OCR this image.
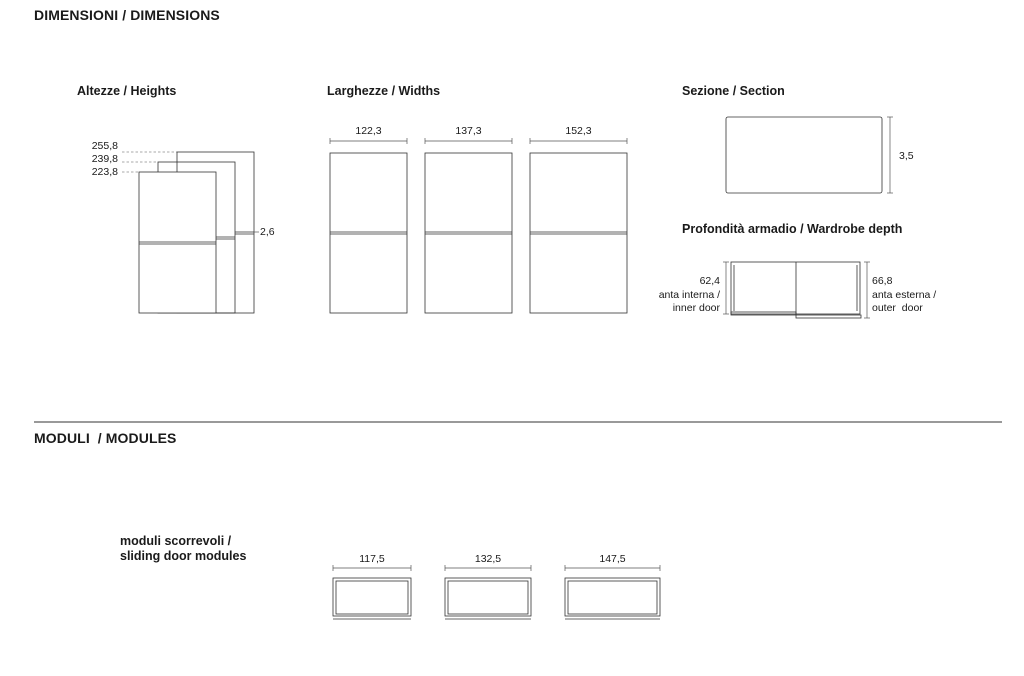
DIMENSIONI / DIMENSIONS
Altezze / Heights
255,8
239,8
223,8
2,6
Larghezze / Widths
122,3	137,3	152,3
Sezione / Section
3,5
Profondità armadio / Wardrobe depth
62,4
anta interna /
inner door
66,8
anta esterna /
outer  door
MODULI  / MODULES
moduli scorrevoli /
sliding door modules	117,5	132,5	147,5
